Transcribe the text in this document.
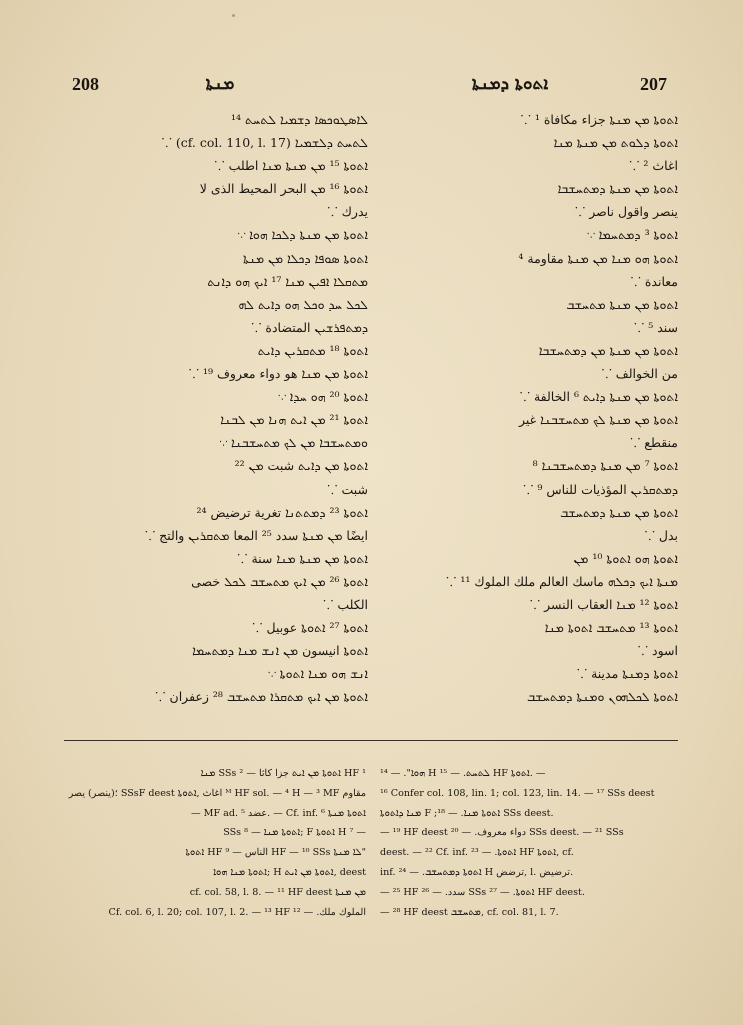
208	ܡܢܬܐ

ܠܐܣܛܘܟܣܐ ܕܫܡܝܐ ܠܬܚܬ ¹⁴

ܠܬܚܬ ܕܠܫܡܝܐ (cf. col. 110, l. 17) ⸪

ܐܬܘܬܐ ¹⁵ ܡܢ ܡܢܬܐ ܡܢܐ اطلب ⸪

ܐܬܘܬܐ ¹⁶ ܡܢ البحر المحيط الذى لا

يدرك ⸪

ܐܬܘܬܐ ܡܢ ܡܢܬܐ ܕܠܟܐ ܗܘܐ ⸪

ܐܬܘܬܐ ܣܘܦܐ ܕܟܠܐ ܡܢ ܡܢܬܐ

ܡܬܩܠܐ ܐܦܝܢ ܡܢܐ ¹⁷ ܐܝܟ ܗܘ ܕܐܢܬ

ܠܟܠ ܚܕ ܘܟܠ ܗܘ ܕܐܝܬ ܠܗ

ܕܡܬܦܪܫܝܢ المتضادة ⸪

ܐܬܘܬܐ ¹⁸ ܡܬܩܪܝܢ ܕܐܝܬ

ܐܬܘܬܐ ܡܢ ܡܢܐ هو دواء معروف ¹⁹ ⸪

ܐܬܘܬܐ ²⁰ ܗܘ ܚܕܐ ⸪

ܐܬܘܬܐ ²¹ ܡܢ ܐܝܬ ܗܢܐ ܡܢ ܠܒܢܐ

ܘܡܬܚܫܒܐ ܡܢ ܠܟ ܡܬܚܫܒܢܐ ⸪

ܐܬܘܬܐ ܡܢ ܕܐܝܬ شبت ܡܢ ²²

شبت ⸪

ܐܬܘܬܐ ²³ ܕܡܬܬܢܐ تغرية ترضيض ²⁴

ايضًا ܡܢ ܡܢܬܐ سدد ²⁵ المعا ܡܬܩܪܝܢ والتج ⸪

ܐܬܘܬܐ ܡܢ ܡܢܬܐ ܡܢܐ سنة ⸪

ܐܬܘܬܐ ²⁶ ܡܢ ܐܝܟ ܡܬܚܫܒ ܠܟܠ خصى

الكلب ⸪

ܐܬܘܬܐ ²⁷ ܐܬܘܬܐ عوبيل ⸪

ܐܬܘܬܐ انيسون ܡܢ ܐܢܫ ܡܢܐ ܕܡܬܚܡܐ

ܐܢܫ ܗܘ ܡܢܐ ܐܬܘܬܐ ⸪

ܐܬܘܬܐ ܡܢ ܐܝܟ ܡܬܩܪܐ ܡܬܚܫܒ ²⁸ زعفران ⸪

ܐܬܘܬܐ ܕܡܢܬܐ	207

ܐܬܘܬܐ ܡܢ ܡܢܬܐ جزاء مكافاة ¹ ⸪

ܐܬܘܬܐ ܕܠܘܬ ܡܢ ܡܢܬܐ ܡܢܐ

اغاث ² ⸪

ܐܬܘܬܐ ܡܢ ܡܢܬܐ ܕܡܬܚܫܒܐ

ينصر واقول ناصر ⸪

ܐܬܘܬܐ ³ ܕܡܬܚܡܐ ⸪

ܐܬܘܬܐ ܗܘ ܡܢܐ ܡܢ ܡܢܬܐ مقاومة ⁴

معاندة ⸪

ܐܬܘܬܐ ܡܢ ܡܢܬܐ ܡܬܚܫܒ

سند ⁵ ⸪

ܐܬܘܬܐ ܡܢ ܡܢܬܐ ܡܢ ܕܡܬܚܫܒܐ

من الخوالف ⸪

ܐܬܘܬܐ ܡܢ ܡܢܬܐ ܕܐܝܬ ⁶ الخالفة ⸪

ܐܬܘܬܐ ܡܢ ܡܢܬܐ ܠܟ ܡܬܚܫܒܢܐ غير

منقطع ⸪

ܐܬܘܬܐ ⁷ ܡܢ ܡܢܬܐ ܕܡܬܚܫܒܢܐ ⁸

ܕܡܬܩܪܝܢ المؤذيات للناس ⁹ ⸪

ܐܬܘܬܐ ܡܢ ܡܢܬܐ ܕܡܬܚܫܒ

بدل ⸪

ܐܬܘܬܐ ܗܘ ܐܬܘܬܐ ¹⁰ ܡܢ

ܡܢܬܐ ܐܝܟ ܕܟܠܗ ماسك العالم ملك الملوك ¹¹ ⸪

ܐܬܘܬܐ ¹² ܡܢܐ العقاب النسر ⸪

ܐܬܘܬܐ ¹³ ܡܬܚܫܒ ܐܬܘܬܐ ܡܢܐ

اسود ⸪

ܐܬܘܬܐ ܕܡܢܬܐ مدينة ⸪

ܐܬܘܬܐ ܠܟܠܗܘܢ ܘܡܢܬܐ ܕܡܬܚܫܒ

¹ HF ܐܬܘܬܐ ܡܢ ܐܝܬ جزا كاثا — ² SSs ܡܢܐ

مقاوم ᴹ HF sol. — ⁴ H — ³ MF اغاث ,ܐܬܘܬܐ SSsF deest ؛(ينصر) يصر

ܐܬܘܬܐ ܡܢܬܐ Cf. inf. ⁶ — .عضد MF ad. ⁵ —

— ⁷ H ܐܬܘܬܐ F ;ܐܬܘܬܐ ܡܢܐ — ⁸ SSs

"ܠܐ ܡܢܬܐ HF — ¹⁰ SSs الناس — ⁹ HF ܐܬܘܬܐ

deest ,ܐܬܘܬܐ ܡܢ ܐܝܬ H ;ܐܬܘܬܐ ܡܢܐ ܗܘܐ

ܡܢ ܡܢܬܐ cf. col. 58, l. 8. — ¹¹ HF deest

الملوك ملك. — ¹² Cf. col. 6, l. 20; col. 107, l. 2. — ¹³ HF

ܗܘܐ". — ¹⁴ H ܠܬܚܬ. — ¹⁵ HF ܐܬܘܬܐ. —

¹⁶ Confer col. 108, lin. 1; col. 123, lin. 14. — ¹⁷ SSs deest

ܡܢܐ ܕܐܬܘܬܐ F ;ܐܬܘܬܐ ܡܢܐ. — ¹⁸ SSs deest.

— ¹⁹ HF deest دواء معروف. — ²⁰ SSs deest. — ²¹ SSs

deest. — ²² Cf. inf. ܐܬܘܬܐ. — ²³ HF ܐܬܘܬܐ, cf.

inf. ܐܬܘܬܐ ܕܡܬܚܫܒ. — ²⁴ H ترضض, l. ترضيض.

— ²⁵ HF سدد. — ²⁶ SSs ܐܬܘܬܐ. — ²⁷ HF deest.

— ²⁸ HF deest ܡܬܚܫܒ, cf. col. 81, l. 7.
